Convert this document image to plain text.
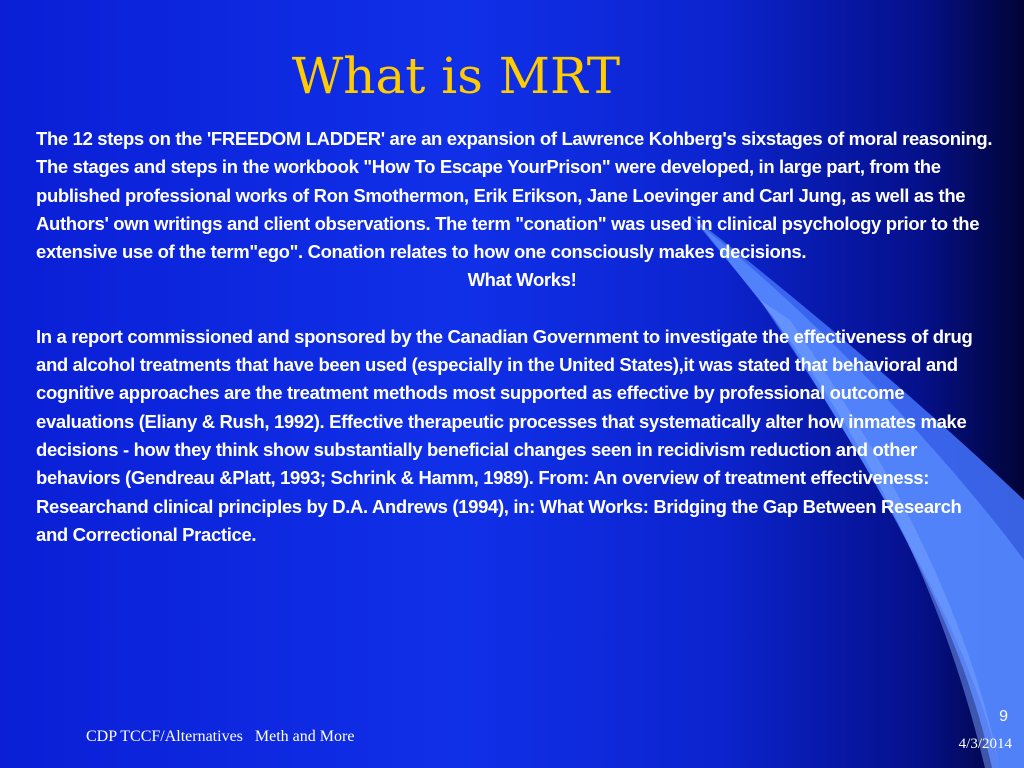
What is MRT

The 12 steps on the 'FREEDOM LADDER' are an expansion of Lawrence Kohberg's sixstages of moral reasoning. The stages and steps in the workbook "How To Escape YourPrison" were developed, in large part, from the published professional works of Ron Smothermon, Erik Erikson, Jane Loevinger and Carl Jung, as well as the Authors' own writings and client observations. The term "conation" was used in clinical psychology prior to the extensive use of the term"ego". Conation relates to how one consciously makes decisions.

What Works!

In a report commissioned and sponsored by the Canadian Government to investigate the effectiveness of drug and alcohol treatments that have been used (especially in the United States),it was stated that behavioral and cognitive approaches are the treatment methods most supported as effective by professional outcome evaluations (Eliany & Rush, 1992). Effective therapeutic processes that systematically alter how inmates make decisions - how they think show substantially beneficial changes seen in recidivism reduction and other behaviors (Gendreau &Platt, 1993; Schrink & Hamm, 1989). From: An overview of treatment effectiveness: Researchand clinical principles by D.A. Andrews (1994), in: What Works: Bridging the Gap Between Research and Correctional Practice.

CDP TCCF/Alternatives   Meth and More
9
4/3/2014
